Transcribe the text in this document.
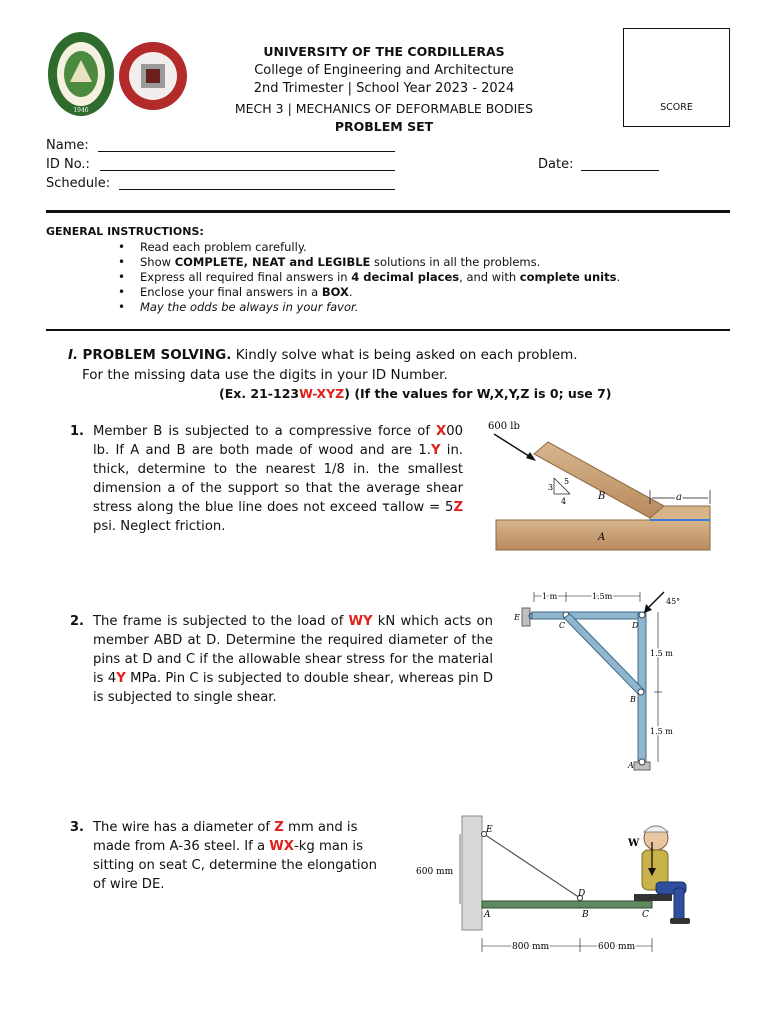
1946
UNIVERSITY OF THE CORDILLERAS
College of Engineering and Architecture
2nd Trimester | School Year 2023 - 2024
MECH 3 | MECHANICS OF DEFORMABLE BODIES
PROBLEM SET
SCORE
Name:
ID No.:	Date:
Schedule:
GENERAL INSTRUCTIONS:
• Read each problem carefully.
• Show COMPLETE, NEAT and LEGIBLE solutions in all the problems.
• Express all required final answers in 4 decimal places, and with complete units.
• Enclose your final answers in a BOX.
• May the odds be always in your favor.
I. PROBLEM SOLVING. Kindly solve what is being asked on each problem.
For the missing data use the digits in your ID Number.
(Ex. 21-123W-XYZ) (If the values for W,X,Y,Z is 0; use 7)
1. Member B is subjected to a compressive force of X00 lb. If A and B are both made of wood and are 1.Y in. thick, determine to the nearest 1/8 in. the smallest dimension a of the support so that the average shear stress along the blue line does not exceed τallow = 5Z psi. Neglect friction.
600 lb
3
4
5
B
A
a
2. The frame is subjected to the load of WY kN which acts on member ABD at D. Determine the required diameter of the pins at D and C if the allowable shear stress for the material is 4Y MPa. Pin C is subjected to double shear, whereas pin D is subjected to single shear.
1 m	1.5m
E
C	D
B
A
45°
1.5 m
1.5 m
3. The wire has a diameter of Z mm and is made from A-36 steel. If a WX-kg man is sitting on seat C, determine the elongation of wire DE.
E
D
A	B	C
W
600 mm
800 mm	600 mm
